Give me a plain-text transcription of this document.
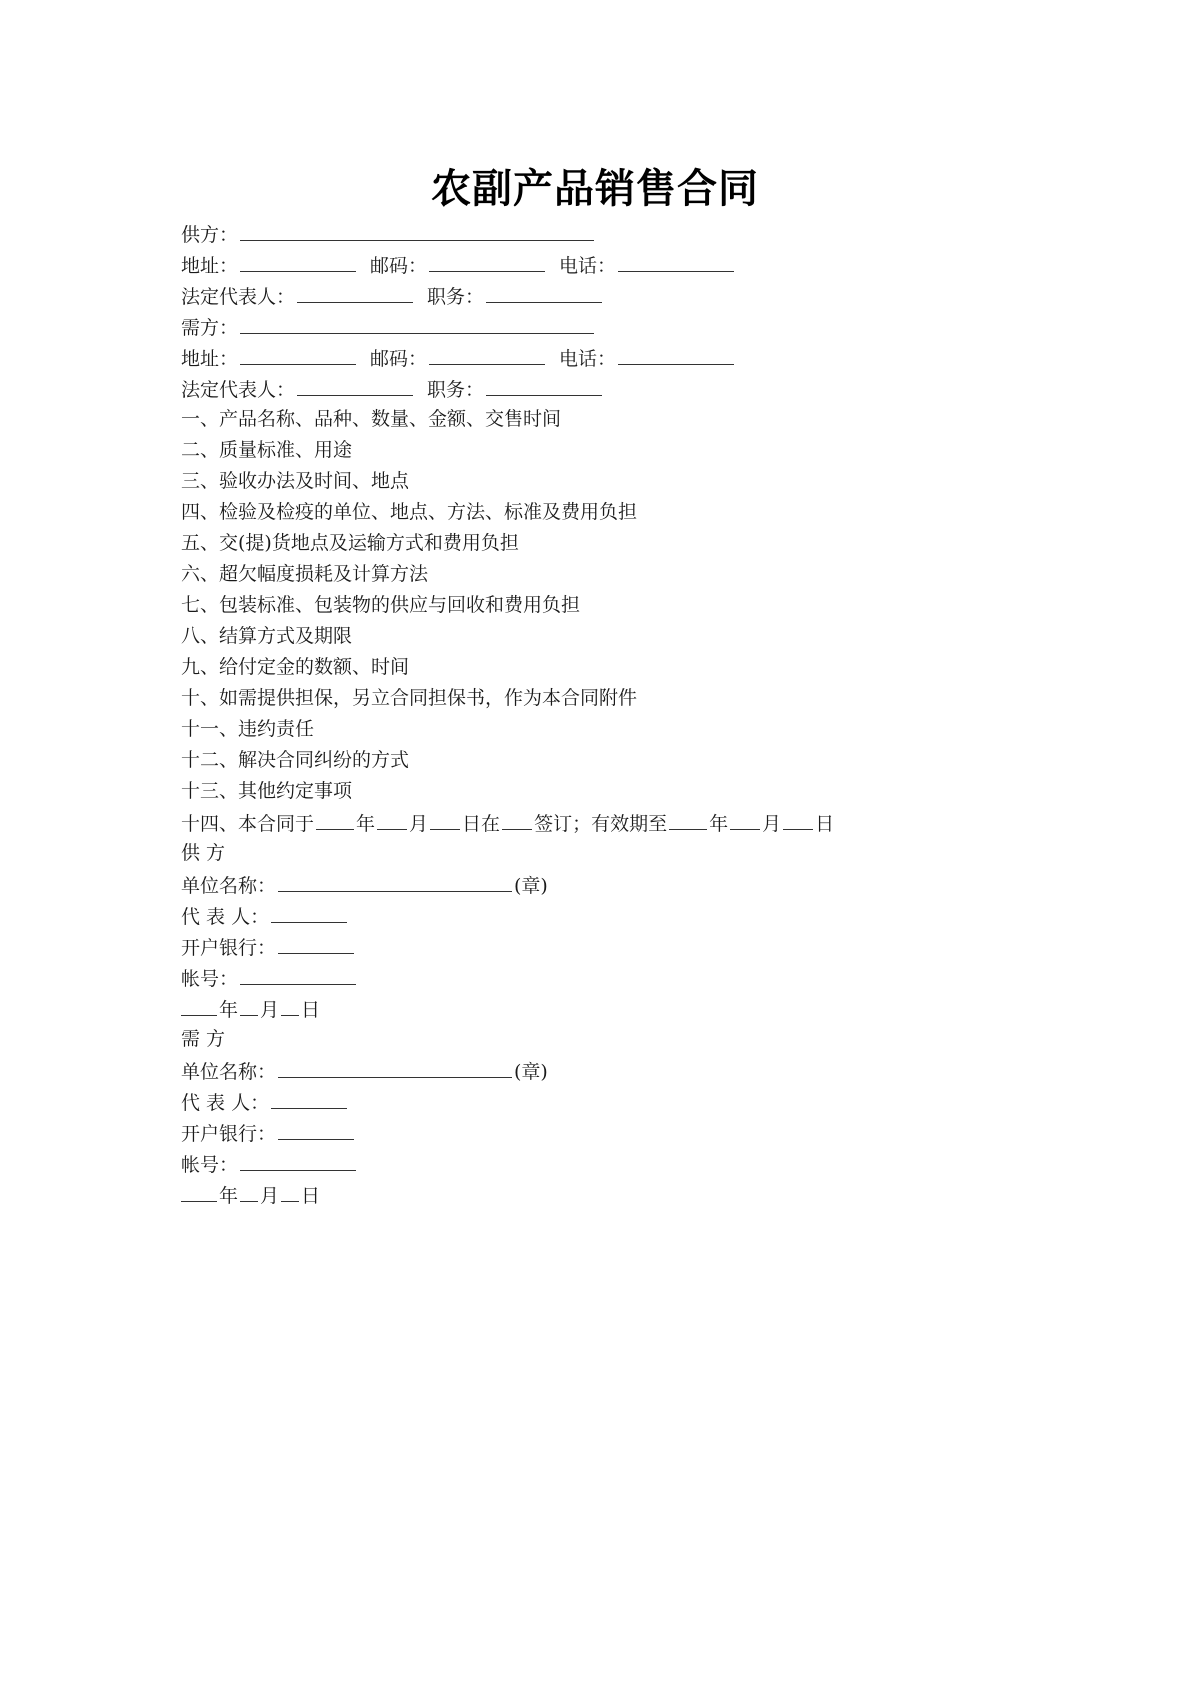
农副产品销售合同
供方：
地址：	邮码：	电话：
法定代表人：	职务：
需方：
地址：	邮码：	电话：
法定代表人：	职务：
一、产品名称、品种、数量、金额、交售时间
二、质量标准、用途
三、验收办法及时间、地点
四、检验及检疫的单位、地点、方法、标准及费用负担
五、交(提)货地点及运输方式和费用负担
六、超欠幅度损耗及计算方法
七、包装标准、包装物的供应与回收和费用负担
八、结算方式及期限
九、给付定金的数额、时间
十、如需提供担保，另立合同担保书，作为本合同附件
十一、违约责任
十二、解决合同纠纷的方式
十三、其他约定事项
十四、本合同于 年 月 日在 签订；有效期至 年 月 日
供 方
单位名称：	(章)
代 表 人：
开户银行：
帐号：
年 月 日
需 方
单位名称：	(章)
代 表 人：
开户银行：
帐号：
年 月 日
